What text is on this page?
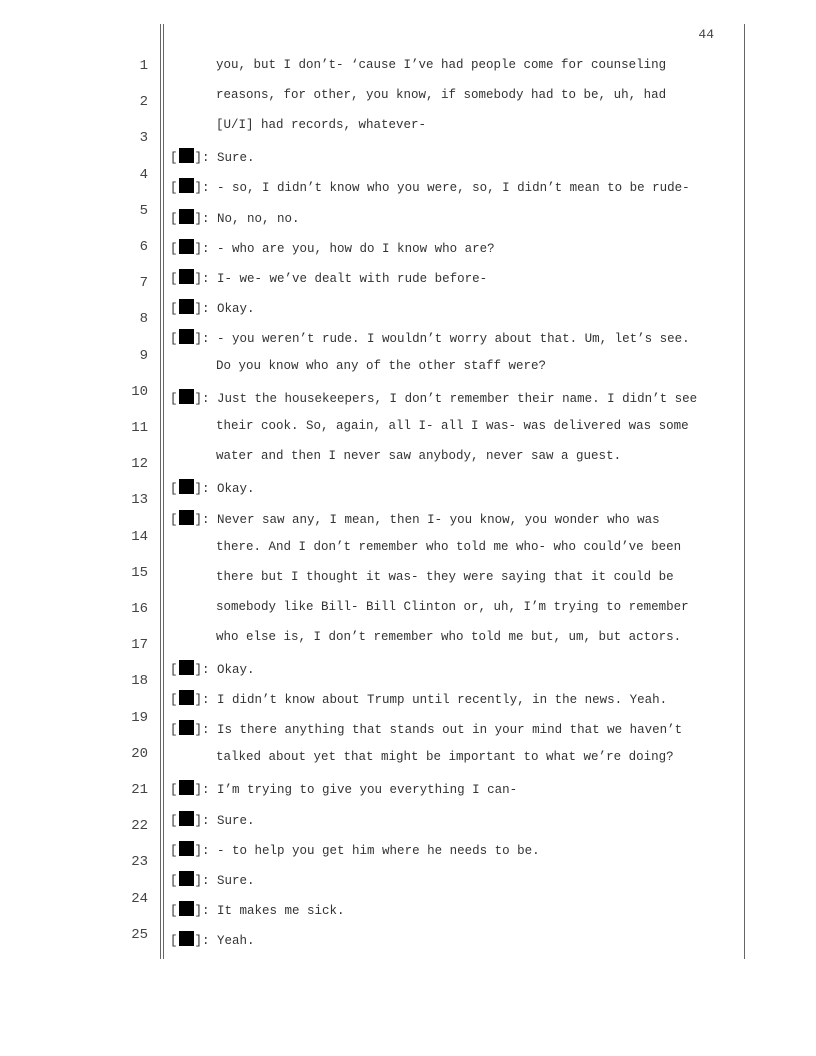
44
1
2
3
4
5
6
7
8
9
10
11
12
13
14
15
16
17
18
19
20
21
22
23
24
25
you, but I don’t- ‘cause I’ve had people come for counseling
reasons, for other, you know, if somebody had to be, uh, had
[U/I] had records, whatever-
[ ]: Sure.
[ ]: - so, I didn’t know who you were, so, I didn’t mean to be rude-
[ ]: No, no, no.
[ ]: - who are you, how do I know who are?
[ ]: I- we- we’ve dealt with rude before-
[ ]: Okay.
[ ]: - you weren’t rude. I wouldn’t worry about that. Um, let’s see.
Do you know who any of the other staff were?
[ ]: Just the housekeepers, I don’t remember their name. I didn’t see
their cook. So, again, all I- all I was- was delivered was some
water and then I never saw anybody, never saw a guest.
[ ]: Okay.
[ ]: Never saw any, I mean, then I- you know, you wonder who was
there. And I don’t remember who told me who- who could’ve been
there but I thought it was- they were saying that it could be
somebody like Bill- Bill Clinton or, uh, I’m trying to remember
who else is, I don’t remember who told me but, um, but actors.
[ ]: Okay.
[ ]: I didn’t know about Trump until recently, in the news. Yeah.
[ ]: Is there anything that stands out in your mind that we haven’t
talked about yet that might be important to what we’re doing?
[ ]: I’m trying to give you everything I can-
[ ]: Sure.
[ ]: - to help you get him where he needs to be.
[ ]: Sure.
[ ]: It makes me sick.
[ ]: Yeah.
